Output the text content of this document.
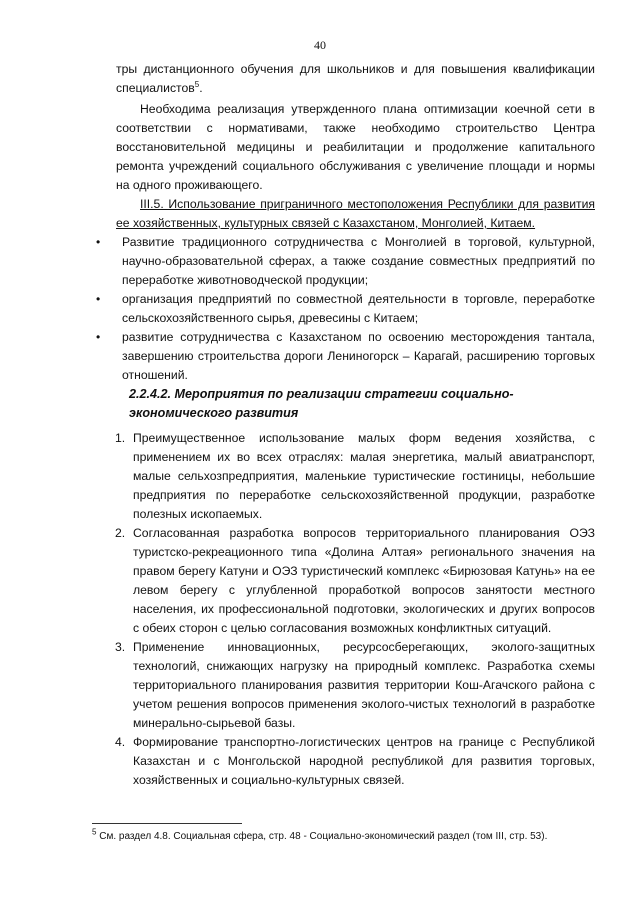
40

тры дистанционного обучения для школьников и для повышения квалификации специалистов$^5$.

Необходима реализация утвержденного плана оптимизации коечной сети в соответствии с нормативами, также необходимо строительство Центра восстановительной медицины и реабилитации и продолжение капитального ремонта учреждений социального обслуживания с увеличение площади и нормы на одного проживающего.

III.5. Использование приграничного местоположения Республики для развития ее хозяйственных, культурных связей с Казахстаном, Монголией, Китаем.

• Развитие традиционного сотрудничества с Монголией в торговой, культурной, научно-образовательной сферах, а также создание совместных предприятий по переработке животноводческой продукции;
• организация предприятий по совместной деятельности в торговле, переработке сельскохозяйственного сырья, древесины с Китаем;
• развитие сотрудничества с Казахстаном по освоению месторождения тантала, завершению строительства дороги Лениногорск – Карагай, расширению торговых отношений.

2.2.4.2. Мероприятия по реализации стратегии социально-экономического развития

1. Преимущественное использование малых форм ведения хозяйства, с применением их во всех отраслях: малая энергетика, малый авиатранспорт, малые сельхозпредприятия, маленькие туристические гостиницы, небольшие предприятия по переработке сельскохозяйственной продукции, разработке полезных ископаемых.
2. Согласованная разработка вопросов территориального планирования ОЭЗ туристско-рекреационного типа «Долина Алтая» регионального значения на правом берегу Катуни и ОЭЗ туристический комплекс «Бирюзовая Катунь» на ее левом берегу с углубленной проработкой вопросов занятости местного населения, их профессиональной подготовки, экологических и других вопросов с обеих сторон с целью согласования возможных конфликтных ситуаций.
3. Применение инновационных, ресурсосберегающих, эколого-защитных технологий, снижающих нагрузку на природный комплекс. Разработка схемы территориального планирования развития территории Кош-Агачского района с учетом решения вопросов применения эколого-чистых технологий в разработке минерально-сырьевой базы.
4. Формирование транспортно-логистических центров на границе с Республикой Казахстан и с Монгольской народной республикой для развития торговых, хозяйственных и социально-культурных связей.
$^5$ См. раздел 4.8. Социальная сфера, стр. 48 - Социально-экономический раздел (том III, стр. 53).
